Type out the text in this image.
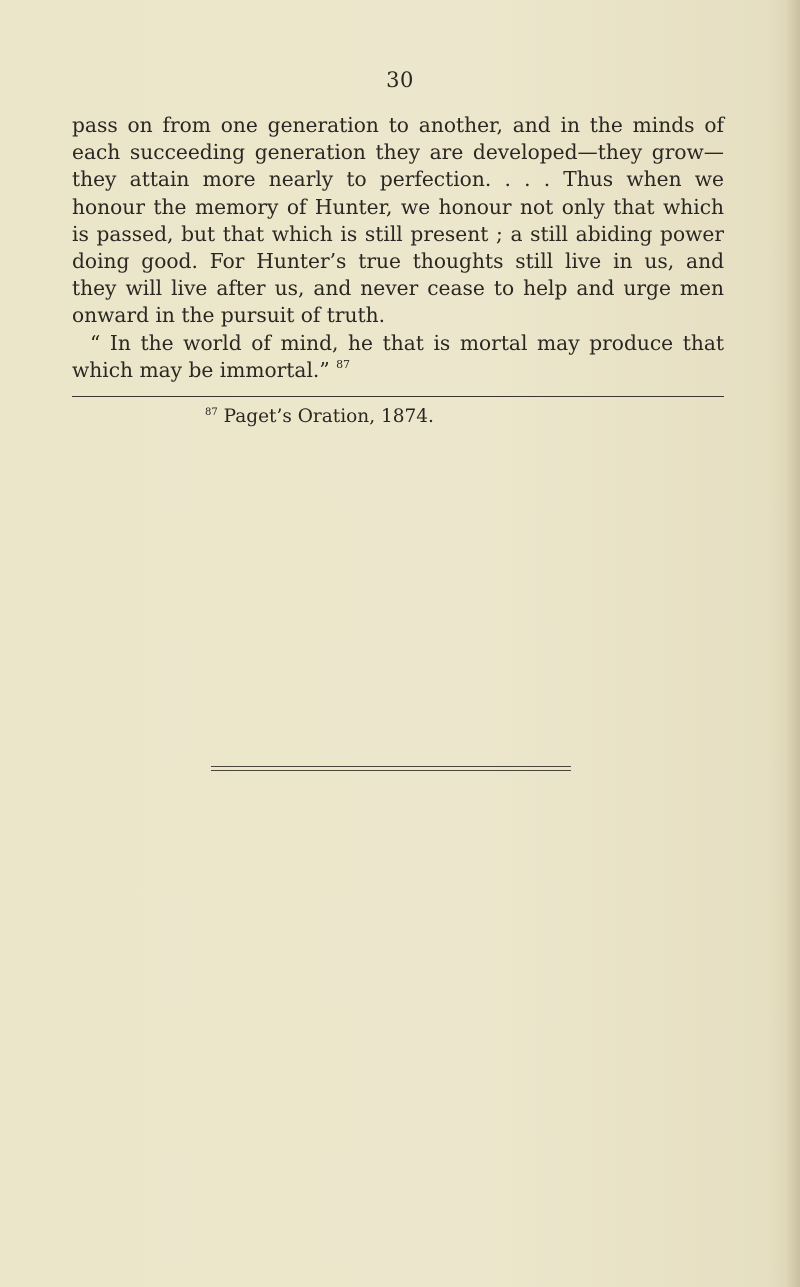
30
pass on from one generation to another, and in the minds of
each succeeding generation they are developed—they grow—
they attain more nearly to perfection. . . . Thus when we
honour the memory of Hunter, we honour not only that which
is passed, but that which is still present ; a still abiding power
doing good. For Hunter’s true thoughts still live in us, and
they will live after us, and never cease to help and urge men
onward in the pursuit of truth.
“ In the world of mind, he that is mortal may produce that
which may be immortal.” $^{87}$
$^{87}$ Paget’s Oration, 1874.
